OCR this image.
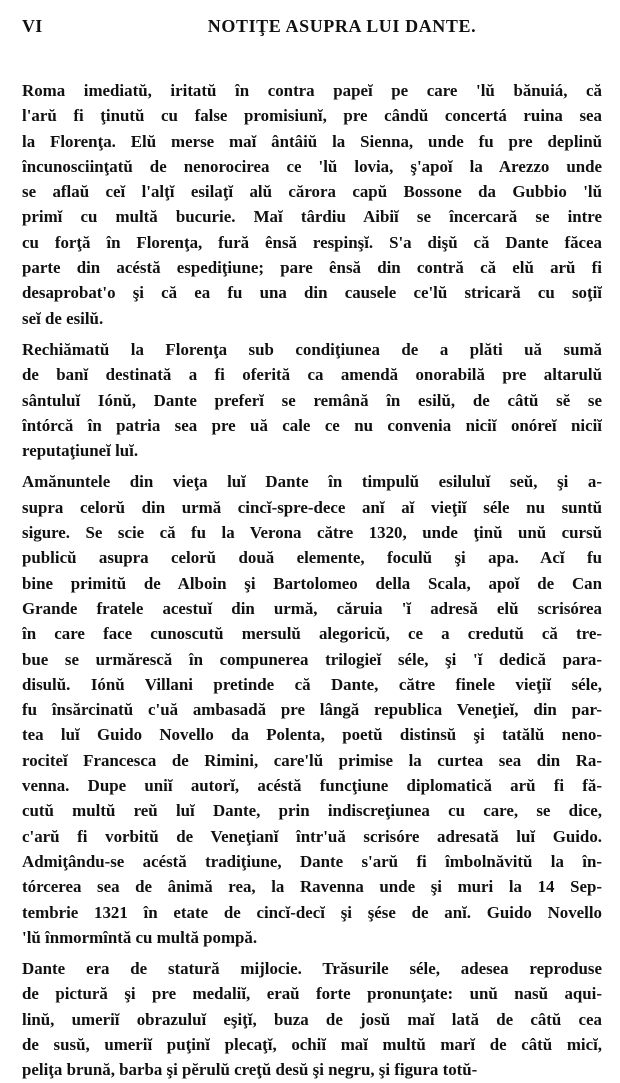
VI	NOTIŢE ASUPRA LUI DANTE.

Roma imediatŭ, iritatŭ în contra papeĭ pe care 'lŭ bănuiá, că
l'arŭ fi ţinutŭ cu false promisiunĭ, pre cândŭ concertá ruina sea
la Florenţa. Elŭ merse maĭ ântâiŭ la Sienna, unde fu pre deplinŭ
încunosciinţatŭ de nenorocirea ce 'lŭ lovia, ş'apoĭ la Arezzo unde
se aflaŭ ceĭ l'alţĭ esilaţĭ alŭ cărora capŭ Bossone da Gubbio 'lŭ
primĭ cu multă bucurie. Maĭ târdiu Aibiĭ se încercară se intre
cu forţă în Florenţa, fură ênsă respinşĭ. S'a dişŭ că Dante făcea
parte din acéstă espediţiune; pare ênsă din contră că elŭ arŭ fi
desaprobat'o şi că ea fu una din causele ce'lŭ stricară cu soţiĭ
seĭ de esilŭ.

Rechiămatŭ la Florenţa sub condiţiunea de a plăti uă sumă
de banĭ destinată a fi oferită ca amendă onorabilă pre altarulŭ
sântuluĭ Iónŭ, Dante preferĭ se remână în esilŭ, de câtŭ sĕ se
întórcă în patria sea pre uă cale ce nu convenia niciĭ onóreĭ niciĭ
reputaţiuneĭ luĭ.

Amănuntele din vieţa luĭ Dante în timpulŭ esiluluĭ seŭ, şi a-
supra celorŭ din urmă cincĭ-spre-dece anĭ aĭ vieţiĭ séle nu suntŭ
sigure. Se scie că fu la Verona către 1320, unde ţinŭ unŭ cursŭ
publicŭ asupra celorŭ două elemente, foculŭ şi apa. Acĭ fu
bine primitŭ de Alboin şi Bartolomeo della Scala, apoĭ de Can
Grande fratele acestuĭ din urmă, căruia 'ĭ adresă elŭ scrisórea
în care face cunoscutŭ mersulŭ alegoricŭ, ce a credutŭ că tre-
bue se urmărescă în compunerea trilogieĭ séle, şi 'ĭ dedică para-
disulŭ. Iónŭ Villani pretinde că Dante, către finele vieţiĭ séle,
fu însărcinatŭ c'uă ambasadă pre lângă republica Veneţieĭ, din par-
tea luĭ Guido Novello da Polenta, poetŭ distinsŭ şi tatălŭ neno-
rociteĭ Francesca de Rimini, care'lŭ primise la curtea sea din Ra-
venna. Dupe uniĭ autorĭ, acéstă funcţiune diplomatică arŭ fi fă-
cutŭ multŭ reŭ luĭ Dante, prin indiscreţiunea cu care, se dice,
c'arŭ fi vorbitŭ de Veneţianĭ într'uă scrisóre adresată luĭ Guido.
Admiţându-se acéstă tradiţiune, Dante s'arŭ fi îmbolnăvitŭ la în-
tórcerea sea de ânimă rea, la Ravenna unde şi muri la 14 Sep-
tembrie 1321 în etate de cincĭ-decĭ şi şése de anĭ. Guido Novello
'lŭ înmormîntă cu multă pompă.

Dante era de statură mijlocie. Trăsurile séle, adesea reproduse
de pictură şi pre medaliĭ, eraŭ forte pronunţate: unŭ nasŭ aqui-
linŭ, umeriĭ obrazuluĭ eşiţĭ, buza de josŭ maĭ lată de câtŭ cea
de susŭ, umeriĭ puţinĭ plecaţĭ, ochiĭ maĭ multŭ marĭ de câtŭ micĭ,
peliţa brună, barba şi pĕrulŭ creţŭ desŭ şi negru, şi figura totŭ-
